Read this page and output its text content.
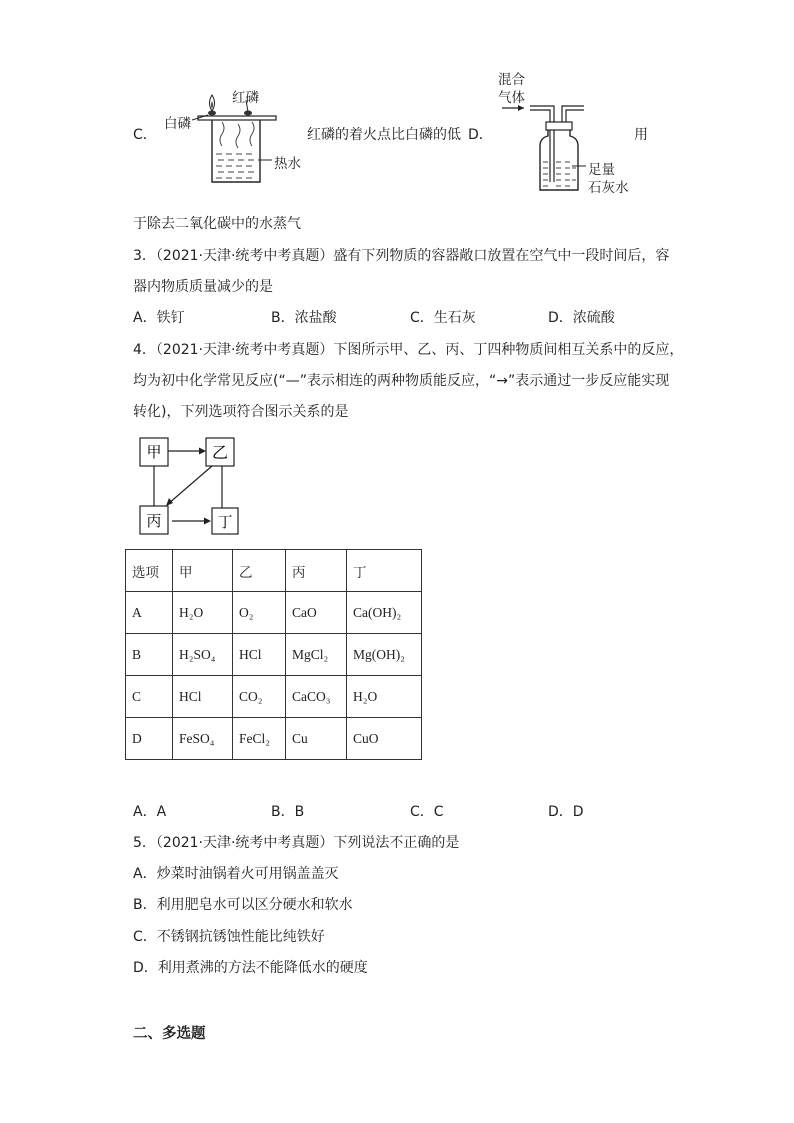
C．
红磷
白磷
热水
红磷的着火点比白磷的低 D．
混合
气体
足量
石灰水
用
于除去二氧化碳中的水蒸气
3．（2021·天津·统考中考真题）盛有下列物质的容器敞口放置在空气中一段时间后，容
器内物质质量减少的是
A．铁钉	B．浓盐酸	C．生石灰	D．浓硫酸
4．（2021·天津·统考中考真题）下图所示甲、乙、丙、丁四种物质间相互关系中的反应，
均为初中化学常见反应(“—”表示相连的两种物质能反应，“→”表示通过一步反应能实现
转化)，下列选项符合图示关系的是
甲	乙
丙	丁
选项	甲	乙	丙	丁
A	H₂O	O₂	CaO	Ca(OH)₂
B	H₂SO₄	HCl	MgCl₂	Mg(OH)₂
C	HCl	CO₂	CaCO₃	H₂O
D	FeSO₄	FeCl₂	Cu	CuO
A．A	B．B	C．C	D．D
5．（2021·天津·统考中考真题）下列说法不正确的是
A．炒菜时油锅着火可用锅盖盖灭
B．利用肥皂水可以区分硬水和软水
C．不锈钢抗锈蚀性能比纯铁好
D．利用煮沸的方法不能降低水的硬度
二、多选题
